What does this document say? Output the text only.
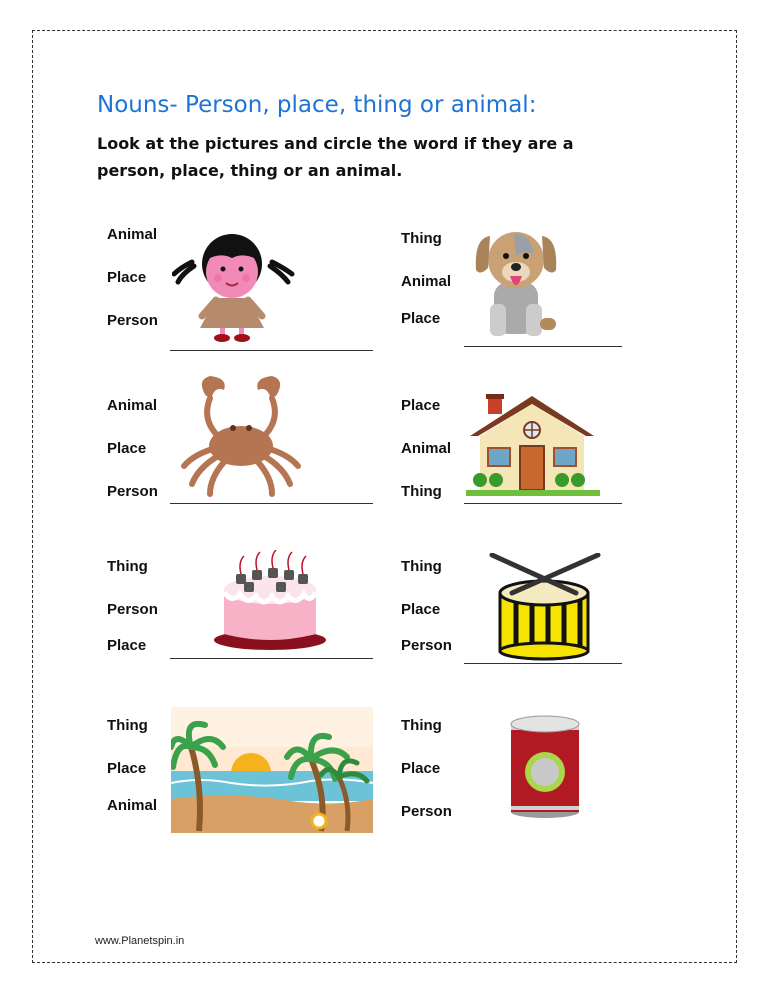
Nouns- Person, place, thing or animal:
Look at the pictures and circle the word if they are a person, place, thing or an animal.
Animal
Place
Person
Thing
Animal
Place
Animal
Place
Person
Place
Animal
Thing
Thing
Person
Place
Thing
Place
Person
Thing
Place
Animal
Thing
Place
Person
www.Planetspin.in
